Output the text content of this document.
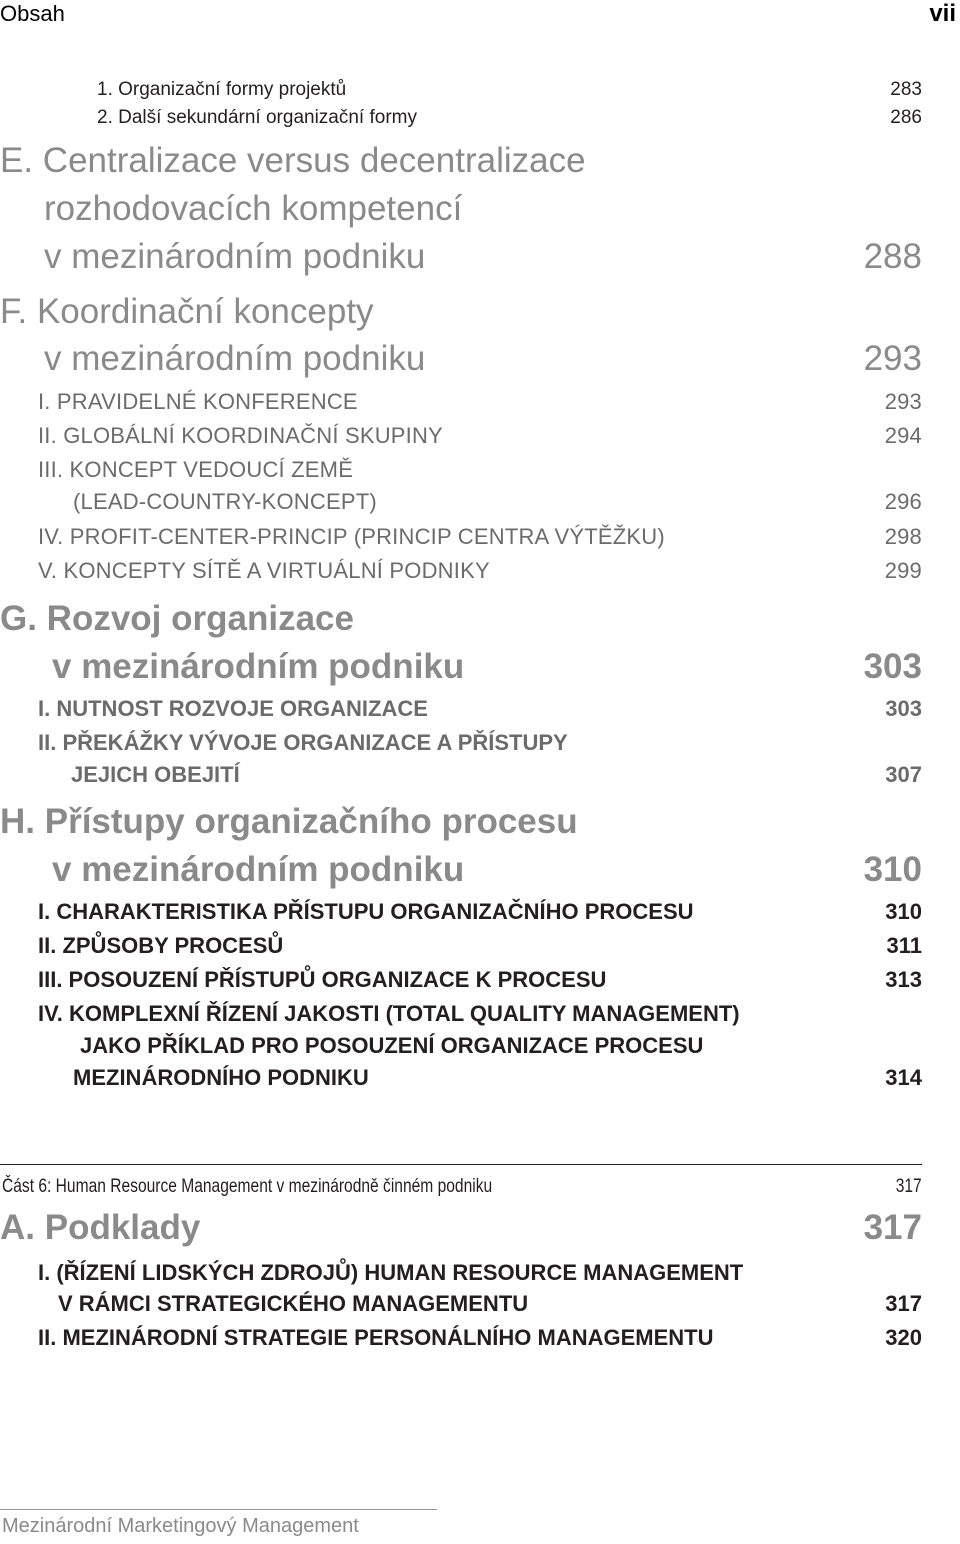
Obsah	vii
1. Organizační formy projektů	283
2. Další sekundární organizační formy	286
E. Centralizace versus decentralizace
rozhodovacích kompetencí
v mezinárodním podniku	288
F. Koordinační koncepty
v mezinárodním podniku	293
I. PRAVIDELNÉ KONFERENCE	293
II. GLOBÁLNÍ KOORDINAČNÍ SKUPINY	294
III. KONCEPT VEDOUCÍ ZEMĚ
(LEAD-COUNTRY-KONCEPT)	296
IV. PROFIT-CENTER-PRINCIP (PRINCIP CENTRA VÝTĚŽKU)	298
V. KONCEPTY SÍTĚ A VIRTUÁLNÍ PODNIKY	299
G. Rozvoj organizace
v mezinárodním podniku	303
I. NUTNOST ROZVOJE ORGANIZACE	303
II. PŘEKÁŽKY VÝVOJE ORGANIZACE A PŘÍSTUPY
JEJICH OBEJITÍ	307
H. Přístupy organizačního procesu
v mezinárodním podniku	310
I. CHARAKTERISTIKA PŘÍSTUPU ORGANIZAČNÍHO PROCESU	310
II. ZPŮSOBY PROCESŮ	311
III. POSOUZENÍ PŘÍSTUPŮ ORGANIZACE K PROCESU	313
IV. KOMPLEXNÍ ŘÍZENÍ JAKOSTI (TOTAL QUALITY MANAGEMENT)
JAKO PŘÍKLAD PRO POSOUZENÍ ORGANIZACE PROCESU
MEZINÁRODNÍHO PODNIKU	314
Část 6: Human Resource Management v mezinárodně činném podniku	317
A. Podklady	317
I. (ŘÍZENÍ LIDSKÝCH ZDROJŮ) HUMAN RESOURCE MANAGEMENT
V RÁMCI STRATEGICKÉHO MANAGEMENTU	317
II. MEZINÁRODNÍ STRATEGIE PERSONÁLNÍHO MANAGEMENTU	320
Mezinárodní Marketingový Management
